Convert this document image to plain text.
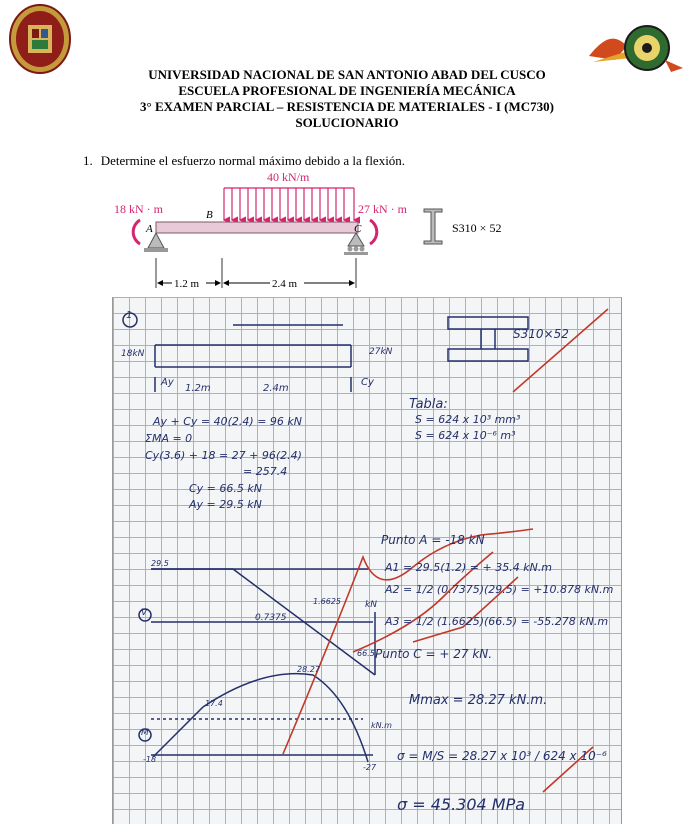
UNIVERSIDAD NACIONAL DE SAN ANTONIO ABAD DEL CUSCO
ESCUELA PROFESIONAL DE INGENIERÍA MECÁNICA
3° EXAMEN PARCIAL – RESISTENCIA DE MATERIALES - I (MC730)
SOLUCIONARIO
1. Determine el esfuerzo normal máximo debido a la flexión.
40 kN/m
18 kN · m	27 kN · m
A
B
C
1.2 m	2.4 m
S310 × 52
1
S310×52
18kN	27kN
Ay	Cy
1.2m	2.4m
Tabla:
S = 624 x 10³ mm³
S = 624 x 10⁻⁶ m³
Ay + Cy = 40(2.4) = 96 kN
ΣMA = 0
Cy(3.6) + 18 = 27 + 96(2.4)
= 257.4
Cy = 66.5 kN
Ay = 29.5 kN
29.5
V	0.7375
1.6625	kN
66.5
Punto A = -18 kN
A1 = 29.5(1.2) = + 35.4 kN.m
A2 = 1/2 (0.7375)(29.5) = +10.878 kN.m
A3 = 1/2 (1.6625)(66.5) = -55.278 kN.m
Punto C = + 27 kN.
17.4
28.27
M
kN.m
-18
-27
Mmax = 28.27 kN.m.
σ = M/S = 28.27 x 10³ / 624 x 10⁻⁶
σ = 45.304 MPa
